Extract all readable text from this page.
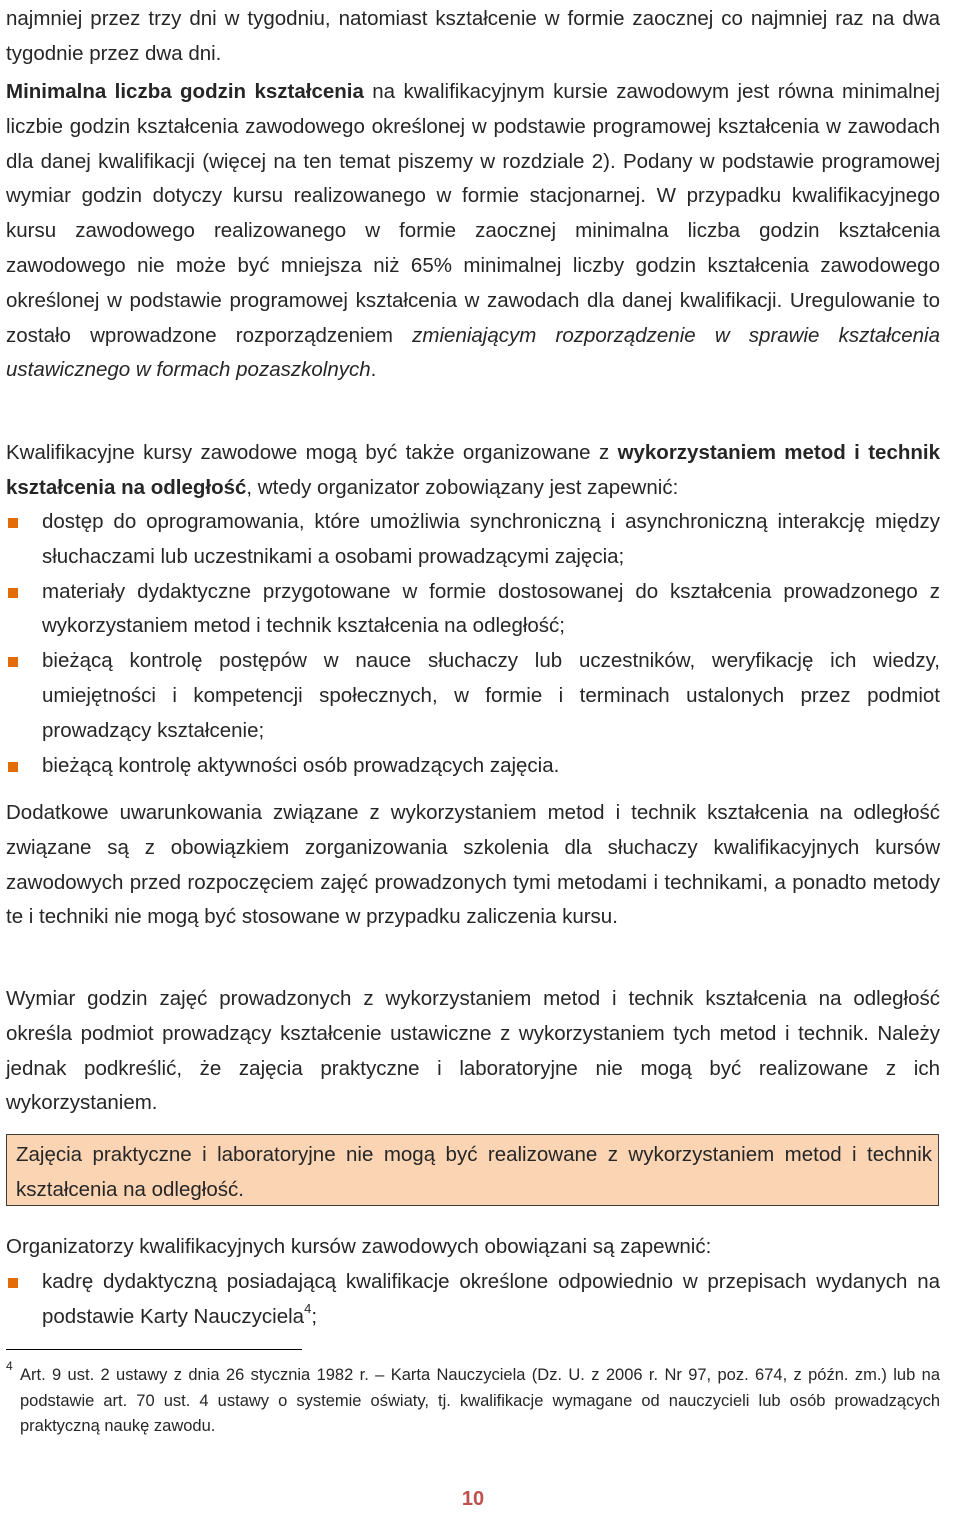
najmniej przez trzy dni w tygodniu, natomiast kształcenie w formie zaocznej co najmniej raz na dwa tygodnie przez dwa dni.

Minimalna liczba godzin kształcenia na kwalifikacyjnym kursie zawodowym jest równa minimalnej liczbie godzin kształcenia zawodowego określonej w podstawie programowej kształcenia w zawodach dla danej kwalifikacji (więcej na ten temat piszemy w rozdziale 2). Podany w podstawie programowej wymiar godzin dotyczy kursu realizowanego w formie stacjonarnej. W przypadku kwalifikacyjnego kursu zawodowego realizowanego w formie zaocznej minimalna liczba godzin kształcenia zawodowego nie może być mniejsza niż 65% minimalnej liczby godzin kształcenia zawodowego określonej w podstawie programowej kształcenia w zawodach dla danej kwalifikacji. Uregulowanie to zostało wprowadzone rozporządzeniem zmieniającym rozporządzenie w sprawie kształcenia ustawicznego w formach pozaszkolnych.

Kwalifikacyjne kursy zawodowe mogą być także organizowane z wykorzystaniem metod i technik kształcenia na odległość, wtedy organizator zobowiązany jest zapewnić:

dostęp do oprogramowania, które umożliwia synchroniczną i asynchroniczną interakcję między słuchaczami lub uczestnikami a osobami prowadzącymi zajęcia;

materiały dydaktyczne przygotowane w formie dostosowanej do kształcenia prowadzonego z wykorzystaniem metod i technik kształcenia na odległość;

bieżącą kontrolę postępów w nauce słuchaczy lub uczestników, weryfikację ich wiedzy, umiejętności i kompetencji społecznych, w formie i terminach ustalonych przez podmiot prowadzący kształcenie;

bieżącą kontrolę aktywności osób prowadzących zajęcia.

Dodatkowe uwarunkowania związane z wykorzystaniem metod i technik kształcenia na odległość związane są z obowiązkiem zorganizowania szkolenia dla słuchaczy kwalifikacyjnych kursów zawodowych przed rozpoczęciem zajęć prowadzonych tymi metodami i technikami, a ponadto metody te i techniki nie mogą być stosowane w przypadku zaliczenia kursu.

Wymiar godzin zajęć prowadzonych z wykorzystaniem metod i technik kształcenia na odległość określa podmiot prowadzący kształcenie ustawiczne z wykorzystaniem tych metod i technik. Należy jednak podkreślić, że zajęcia praktyczne i laboratoryjne nie mogą być realizowane z ich wykorzystaniem.

Zajęcia praktyczne i laboratoryjne nie mogą być realizowane z wykorzystaniem metod i technik kształcenia na odległość.

Organizatorzy kwalifikacyjnych kursów zawodowych obowiązani są zapewnić:

kadrę dydaktyczną posiadającą kwalifikacje określone odpowiednio w przepisach wydanych na podstawie Karty Nauczyciela$^4$;

4 Art. 9 ust. 2 ustawy z dnia 26 stycznia 1982 r. – Karta Nauczyciela (Dz. U. z 2006 r. Nr 97, poz. 674, z późn. zm.) lub na podstawie art. 70 ust. 4 ustawy o systemie oświaty, tj. kwalifikacje wymagane od nauczycieli lub osób prowadzących praktyczną naukę zawodu.

10
